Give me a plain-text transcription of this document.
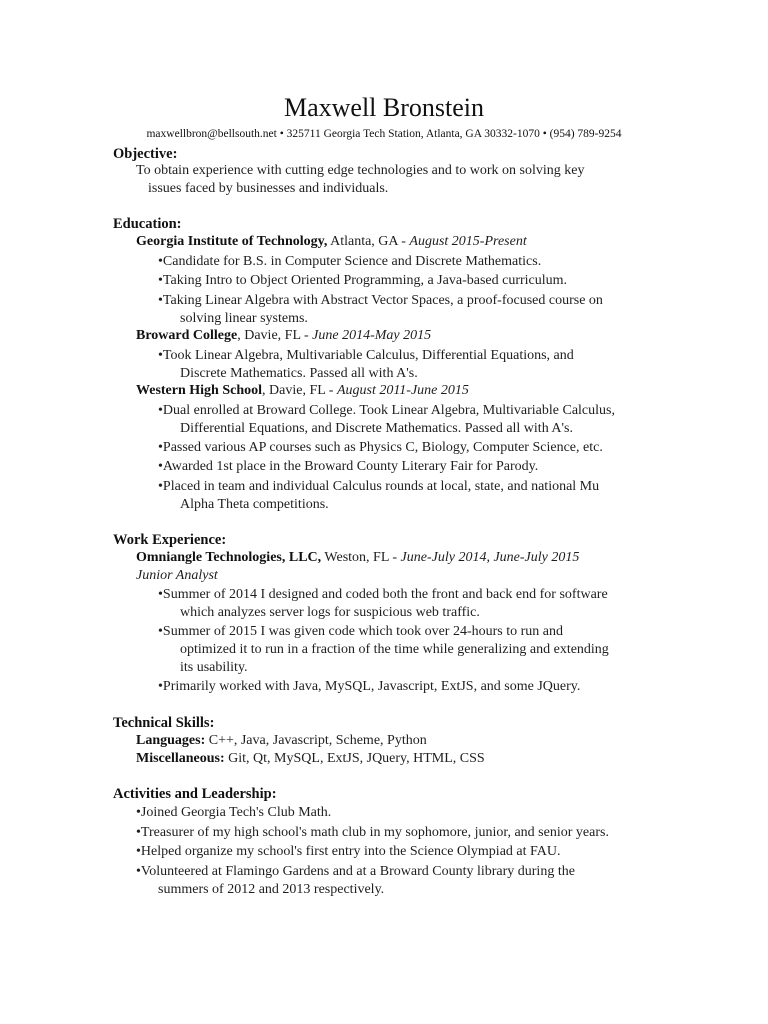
Maxwell Bronstein
maxwellbron@bellsouth.net • 325711 Georgia Tech Station, Atlanta, GA 30332-1070 • (954) 789-9254
Objective:
To obtain experience with cutting edge technologies and to work on solving key
issues faced by businesses and individuals.
Education:
Georgia Institute of Technology, Atlanta, GA - August 2015-Present
•Candidate for B.S. in Computer Science and Discrete Mathematics.
•Taking Intro to Object Oriented Programming, a Java-based curriculum.
•Taking Linear Algebra with Abstract Vector Spaces, a proof-focused course on
solving linear systems.
Broward College, Davie, FL - June 2014-May 2015
•Took Linear Algebra, Multivariable Calculus, Differential Equations, and
Discrete Mathematics. Passed all with A's.
Western High School, Davie, FL - August 2011-June 2015
•Dual enrolled at Broward College. Took Linear Algebra, Multivariable Calculus,
Differential Equations, and Discrete Mathematics. Passed all with A's.
•Passed various AP courses such as Physics C, Biology, Computer Science, etc.
•Awarded 1st place in the Broward County Literary Fair for Parody.
•Placed in team and individual Calculus rounds at local, state, and national Mu
Alpha Theta competitions.
Work Experience:
Omniangle Technologies, LLC, Weston, FL - June-July 2014, June-July 2015
Junior Analyst
•Summer of 2014 I designed and coded both the front and back end for software
which analyzes server logs for suspicious web traffic.
•Summer of 2015 I was given code which took over 24-hours to run and
optimized it to run in a fraction of the time while generalizing and extending
its usability.
•Primarily worked with Java, MySQL, Javascript, ExtJS, and some JQuery.
Technical Skills:
Languages: C++, Java, Javascript, Scheme, Python
Miscellaneous: Git, Qt, MySQL, ExtJS, JQuery, HTML, CSS
Activities and Leadership:
•Joined Georgia Tech's Club Math.
•Treasurer of my high school's math club in my sophomore, junior, and senior years.
•Helped organize my school's first entry into the Science Olympiad at FAU.
•Volunteered at Flamingo Gardens and at a Broward County library during the
summers of 2012 and 2013 respectively.
